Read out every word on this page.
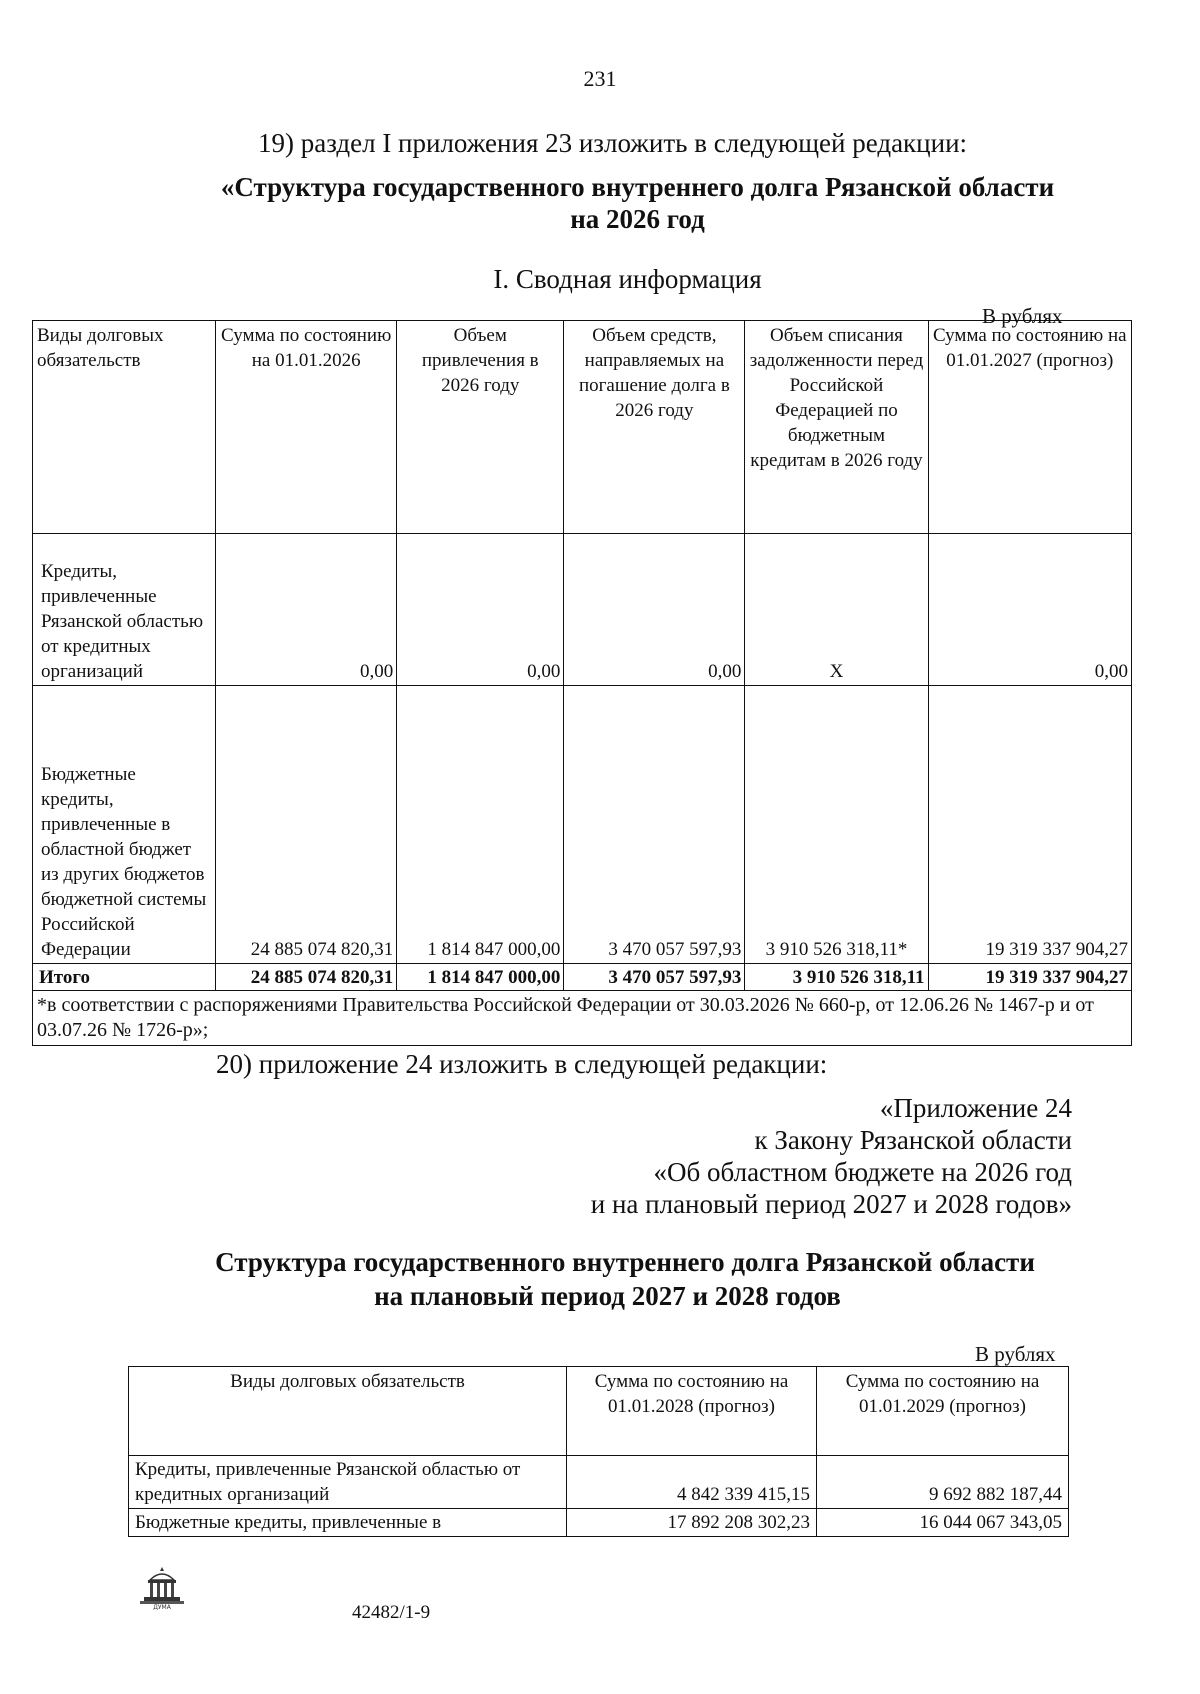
231
19) раздел I приложения 23 изложить в следующей редакции:
«Структура государственного внутреннего долга Рязанской области
на 2026 год
I. Сводная информация
В рублях
Виды долговых обязательств	Сумма по состоянию на 01.01.2026	Объем привлечения в 2026 году	Объем средств, направляемых на погашение долга в 2026 году	Объем списания задолженности перед Российской Федерацией по бюджетным кредитам в 2026 году	Сумма по состоянию на 01.01.2027 (прогноз)
Кредиты, привлеченные Рязанской областью от кредитных организаций	0,00	0,00	0,00	Х	0,00
Бюджетные кредиты, привлеченные в областной бюджет из других бюджетов бюджетной системы Российской Федерации	24 885 074 820,31	1 814 847 000,00	3 470 057 597,93	3 910 526 318,11*	19 319 337 904,27
Итого	24 885 074 820,31	1 814 847 000,00	3 470 057 597,93	3 910 526 318,11	19 319 337 904,27
*в соответствии с распоряжениями Правительства Российской Федерации от 30.03.2026 № 660-р, от 12.06.26 № 1467-р и от 03.07.26 № 1726-р»;					
20) приложение 24 изложить в следующей редакции:
«Приложение 24
к Закону Рязанской области
«Об областном бюджете на 2026 год
и на плановый период 2027 и 2028 годов»
Структура государственного внутреннего долга Рязанской области
на плановый период 2027 и 2028 годов
В рублях
Виды долговых обязательств	Сумма по состоянию на 01.01.2028 (прогноз)	Сумма по состоянию на 01.01.2029 (прогноз)
Кредиты, привлеченные Рязанской областью от кредитных организаций	4 842 339 415,15	9 692 882 187,44
Бюджетные кредиты, привлеченные в	17 892 208 302,23	16 044 067 343,05
ДУМА	42482/1-9
